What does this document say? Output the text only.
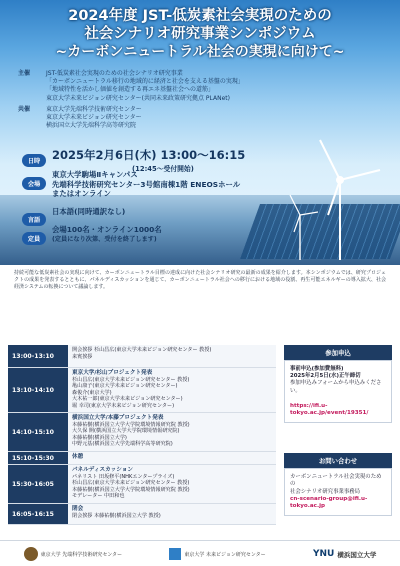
2024年度 JST-低炭素社会実現のための
社会シナリオ研究事業シンポジウム
~カーボンニュートラル社会の実現に向けて~
主催	JST-低炭素社会実現のための社会シナリオ研究事業
「カーボンニュートラル移行の地域的に経済と社会を支える基盤の実現」
「地域特性を活かし価値を創造する再エネ基盤社会への道筋」
東京大学未来ビジョン研究センター(共同未来政策研究拠点 PLANet)
共催	東京大学先端科学技術研究センター
東京大学未来ビジョン研究センター
横浜国立大学先端科学高等研究院
日時 2025年2月6日(木) 13:00～16:15
(12:45～受付開始)
会場
東京大学駒場Ⅱキャンパス
先端科学技術研究センター3号館南棟1階 ENEOSホール
またはオンライン
言語
日本語(同時通訳なし)
定員
会場100名・オンライン1000名
(定員になり次第、受付を終了します)
持続可能な低炭素社会の実現に向けて、カーボンニュートラル目標の達成に向けた社会シナリオ研究の最新の成果を紹介します。本シンポジウムでは、研究プロジェクトの成果を発表するとともに、パネルディスカッションを通じて、カーボンニュートラル社会への移行における地域の役割、再生可能エネルギーの導入拡大、社会経済システムの転換について議論します。
13:00-13:10
開会挨拶 杉山昌広(東京大学未来ビジョン研究センター 教授)
来賓挨拶
13:10-14:10
東京大学/杉山プロジェクト発表
杉山昌広(東京大学未来ビジョン研究センター 教授)
亀山康子(東京大学未来ビジョン研究センター)
森俊介(東京大学)
大木祐一郎(東京大学未来ビジョン研究センター)
堀 幸司(東京大学未来ビジョン研究センター)
14:10-15:10
横浜国立大学/本藤プロジェクト発表
本藤祐樹(横浜国立大学大学院環境情報研究院 教授)
大久保 開(横浜国立大学大学院環境情報研究院)
本藤祐樹(横浜国立大学)
中野元基(横浜国立大学先端科学高等研究院)
15:10-15:30	休憩
15:30-16:05
パネルディスカッション
パネリスト 田坂修平(NHKエンタープライズ)
杉山昌広(東京大学未来ビジョン研究センター 教授)
本藤祐樹(横浜国立大学大学院環境情報研究院 教授)
モデレーター 中田和也
16:05-16:15
閉会
閉会挨拶 本藤祐樹(横浜国立大学 教授)
参加申込
事前申込(参加費無料)
2025年2月5日(水)正午締切
参加申込みフォームから申込みください。
https://ifi.u-tokyo.ac.jp/event/19351/
お問い合わせ
カーボンニュートラル社会実現のための
社会シナリオ研究事業事務局
cn-scenario-group@ifi.u-tokyo.ac.jp
東京大学 先端科学技術研究センター	東京大学 未来ビジョン研究センター	YNU 横浜国立大学
